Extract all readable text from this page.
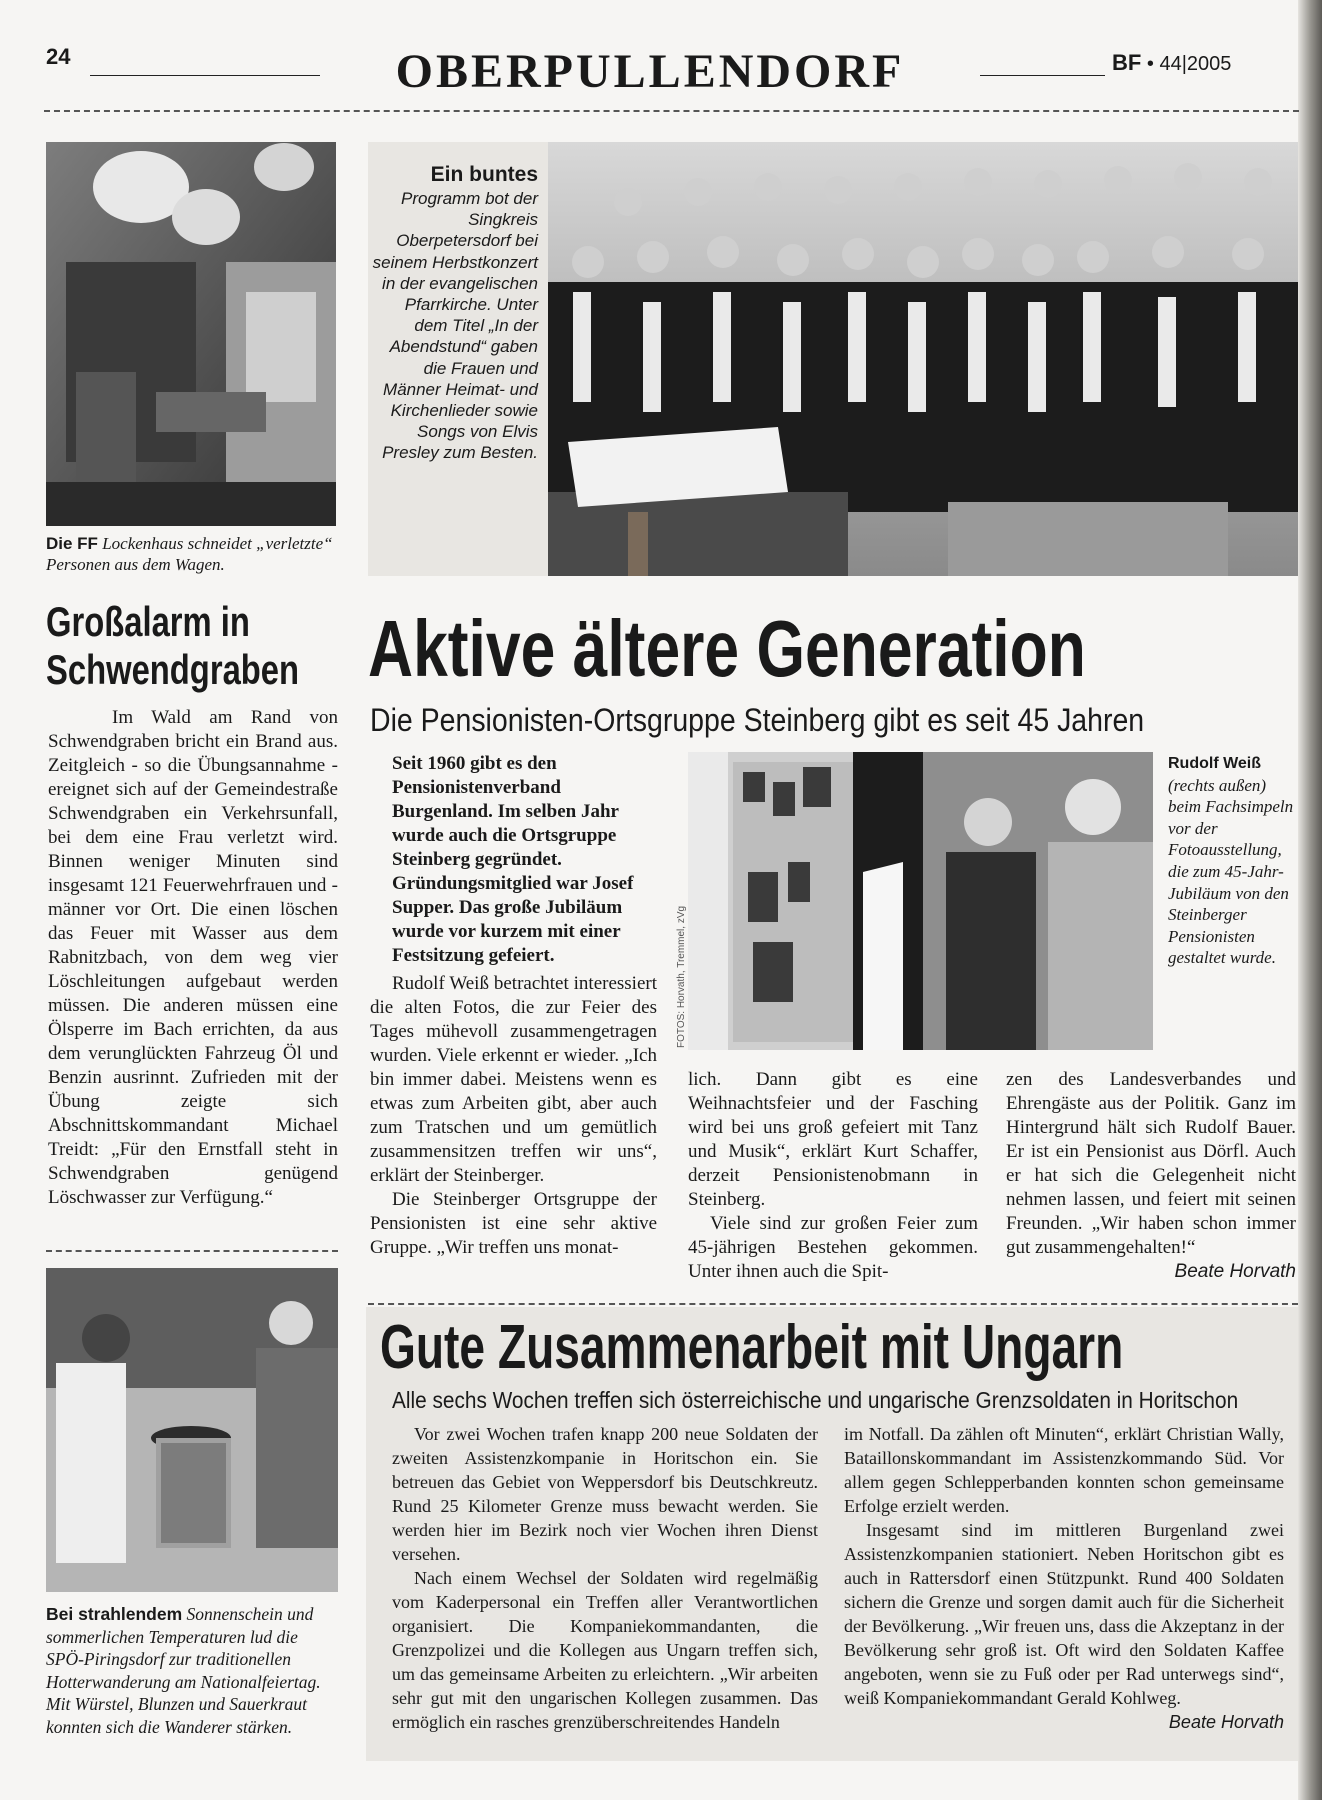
24	OBERPULLENDORF	BF • 44|2005
Die FF Lockenhaus schneidet „verletzte“ Personen aus dem Wagen.
Ein buntes
Programm bot der Singkreis Oberpetersdorf bei seinem Herbstkonzert in der evangelischen Pfarrkirche. Unter dem Titel „In der Abendstund“ gaben die Frauen und Männer Heimat- und Kirchenlieder sowie Songs von Elvis Presley zum Besten.
Großalarm in
Schwendgraben
Im Wald am Rand von Schwendgraben bricht ein Brand aus. Zeitgleich - so die Übungsannahme - ereignet sich auf der Gemeindestraße Schwendgraben ein Verkehrsunfall, bei dem eine Frau verletzt wird. Binnen weniger Minuten sind insgesamt 121 Feuerwehrfrauen und -männer vor Ort. Die einen löschen das Feuer mit Wasser aus dem Rabnitzbach, von dem weg vier Löschleitungen aufgebaut werden müssen. Die anderen müssen eine Ölsperre im Bach errichten, da aus dem verunglückten Fahrzeug Öl und Benzin ausrinnt. Zufrieden mit der Übung zeigte sich Abschnittskommandant Michael Treidt: „Für den Ernstfall steht in Schwendgraben genügend Löschwasser zur Verfügung.“
Bei strahlendem Sonnenschein und sommerlichen Temperaturen lud die SPÖ-Piringsdorf zur traditionellen Hotterwanderung am Nationalfeiertag. Mit Würstel, Blunzen und Sauerkraut konnten sich die Wanderer stärken.
Aktive ältere Generation
Die Pensionisten-Ortsgruppe Steinberg gibt es seit 45 Jahren
Seit 1960 gibt es den Pensionistenverband Burgenland. Im selben Jahr wurde auch die Ortsgruppe Steinberg gegründet. Gründungsmitglied war Josef Supper. Das große Jubiläum wurde vor kurzem mit einer Festsitzung gefeiert.
Rudolf Weiß betrachtet interessiert die alten Fotos, die zur Feier des Tages mühevoll zusammengetragen wurden. Viele erkennt er wieder. „Ich bin immer dabei. Meistens wenn es etwas zum Arbeiten gibt, aber auch zum Tratschen und um gemütlich zusammensitzen treffen wir uns“, erklärt der Steinberger.
Die Steinberger Ortsgruppe der Pensionisten ist eine sehr aktive Gruppe. „Wir treffen uns monat-
FOTOS: Horvath, Tremmel, zVg
Rudolf Weiß
(rechts außen) beim Fachsimpeln vor der Fotoausstellung, die zum 45-Jahr-Jubiläum von den Steinberger Pensionisten gestaltet wurde.
lich. Dann gibt es eine Weihnachtsfeier und der Fasching wird bei uns groß gefeiert mit Tanz und Musik“, erklärt Kurt Schaffer, derzeit Pensionistenobmann in Steinberg.
Viele sind zur großen Feier zum 45-jährigen Bestehen gekommen. Unter ihnen auch die Spit-
zen des Landesverbandes und Ehrengäste aus der Politik. Ganz im Hintergrund hält sich Rudolf Bauer. Er ist ein Pensionist aus Dörfl. Auch er hat sich die Gelegenheit nicht nehmen lassen, und feiert mit seinen Freunden. „Wir haben schon immer gut zusammengehalten!“
Beate Horvath
Gute Zusammenarbeit mit Ungarn
Alle sechs Wochen treffen sich österreichische und ungarische Grenzsoldaten in Horitschon
Vor zwei Wochen trafen knapp 200 neue Soldaten der zweiten Assistenzkompanie in Horitschon ein. Sie betreuen das Gebiet von Weppersdorf bis Deutschkreutz. Rund 25 Kilometer Grenze muss bewacht werden. Sie werden hier im Bezirk noch vier Wochen ihren Dienst versehen.
Nach einem Wechsel der Soldaten wird regelmäßig vom Kaderpersonal ein Treffen aller Verantwortlichen organisiert. Die Kompaniekommandanten, die Grenzpolizei und die Kollegen aus Ungarn treffen sich, um das gemeinsame Arbeiten zu erleichtern. „Wir arbeiten sehr gut mit den ungarischen Kollegen zusammen. Das ermöglich ein rasches grenzüberschreitendes Handeln
im Notfall. Da zählen oft Minuten“, erklärt Christian Wally, Bataillonskommandant im Assistenzkommando Süd. Vor allem gegen Schlepperbanden konnten schon gemeinsame Erfolge erzielt werden.
Insgesamt sind im mittleren Burgenland zwei Assistenzkompanien stationiert. Neben Horitschon gibt es auch in Rattersdorf einen Stützpunkt. Rund 400 Soldaten sichern die Grenze und sorgen damit auch für die Sicherheit der Bevölkerung. „Wir freuen uns, dass die Akzeptanz in der Bevölkerung sehr groß ist. Oft wird den Soldaten Kaffee angeboten, wenn sie zu Fuß oder per Rad unterwegs sind“, weiß Kompaniekommandant Gerald Kohlweg.
Beate Horvath
